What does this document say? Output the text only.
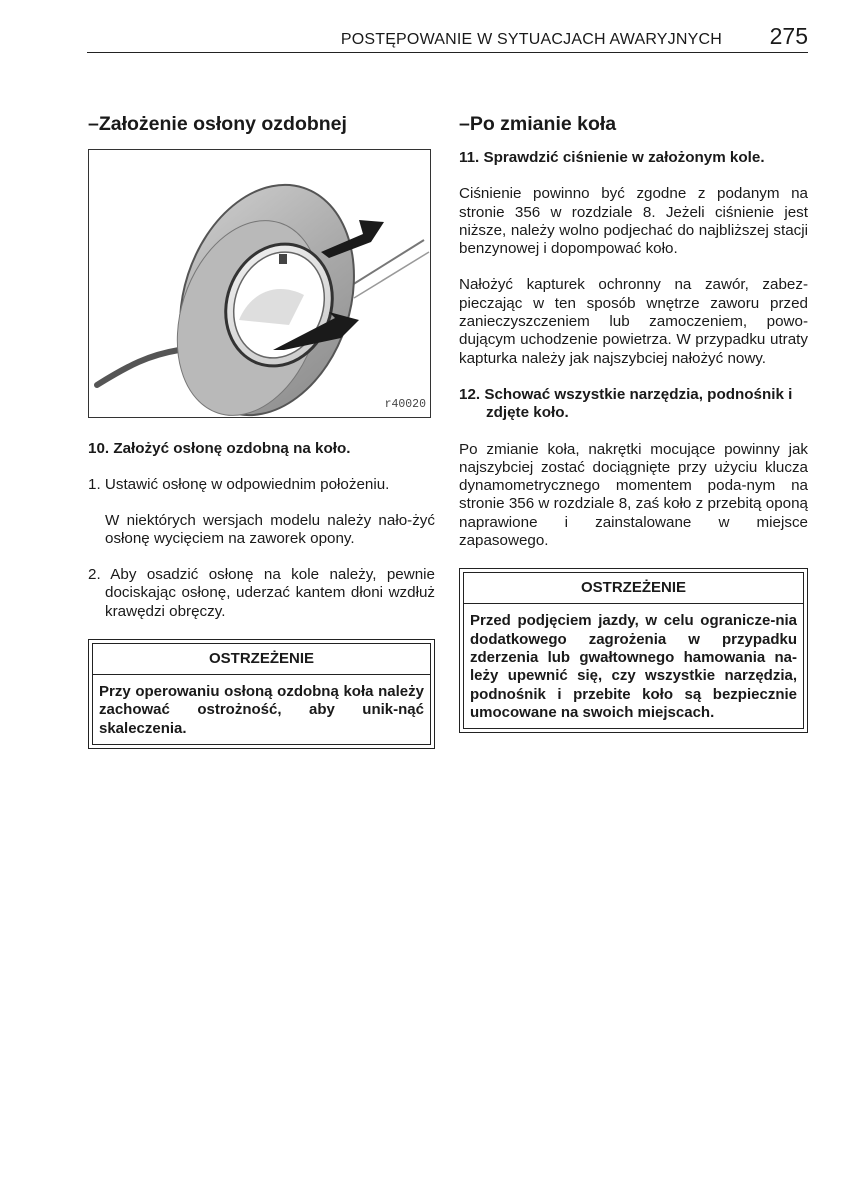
POSTĘPOWANIE W SYTUACJACH AWARYJNYCH 275
–Założenie osłony ozdobnej
r40020

10. Założyć osłonę ozdobną na koło.

1. Ustawić osłonę w odpowiednim położeniu.

W niektórych wersjach modelu należy nało-żyć osłonę wycięciem na zaworek opony.

2. Aby osadzić osłonę na kole należy, pewnie dociskając osłonę, uderzać kantem dłoni wzdłuż krawędzi obręczy.

OSTRZEŻENIE
Przy operowaniu osłoną ozdobną koła należy zachować ostrożność, aby unik-nąć skaleczenia.
–Po zmianie koła

11. Sprawdzić ciśnienie w założonym kole.

Ciśnienie powinno być zgodne z podanym na stronie 356 w rozdziale 8. Jeżeli ciśnienie jest niższe, należy wolno podjechać do najbliższej stacji benzynowej i dopompować koło.

Nałożyć kapturek ochronny na zawór, zabez-pieczając w ten sposób wnętrze zaworu przed zanieczyszczeniem lub zamoczeniem, powo-dującym uchodzenie powietrza. W przypadku utraty kapturka należy jak najszybciej nałożyć nowy.

12. Schować wszystkie narzędzia, podnośnik i zdjęte koło.

Po zmianie koła, nakrętki mocujące powinny jak najszybciej zostać dociągnięte przy użyciu klucza dynamometrycznego momentem poda-nym na stronie 356 w rozdziale 8, zaś koło z przebitą oponą naprawione i zainstalowane w miejsce zapasowego.

OSTRZEŻENIE
Przed podjęciem jazdy, w celu ogranicze-nia dodatkowego zagrożenia w przypadku zderzenia lub gwałtownego hamowania na-leży upewnić się, czy wszystkie narzędzia, podnośnik i przebite koło są bezpiecznie umocowane na swoich miejscach.
